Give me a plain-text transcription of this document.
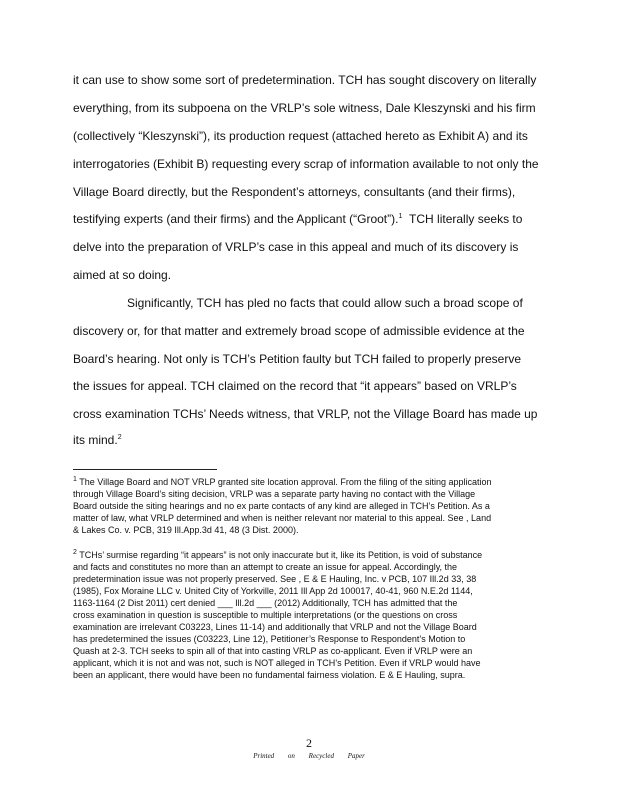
it can use to show some sort of predetermination. TCH has sought discovery on literally
everything, from its subpoena on the VRLP’s sole witness, Dale Kleszynski and his firm
(collectively “Kleszynski”), its production request (attached hereto as Exhibit A) and its
interrogatories (Exhibit B) requesting every scrap of information available to not only the
Village Board directly, but the Respondent’s attorneys, consultants (and their firms),
testifying experts (and their firms) and the Applicant (“Groot”).$^1$ TCH literally seeks to
delve into the preparation of VRLP’s case in this appeal and much of its discovery is
aimed at so doing.
Significantly, TCH has pled no facts that could allow such a broad scope of
discovery or, for that matter and extremely broad scope of admissible evidence at the
Board’s hearing. Not only is TCH’s Petition faulty but TCH failed to properly preserve
the issues for appeal. TCH claimed on the record that “it appears” based on VRLP’s
cross examination TCHs’ Needs witness, that VRLP, not the Village Board has made up
its mind.$^2$
$^1$ The Village Board and NOT VRLP granted site location approval. From the filing of the siting application
through Village Board’s siting decision, VRLP was a separate party having no contact with the Village
Board outside the siting hearings and no ex parte contacts of any kind are alleged in TCH’s Petition. As a
matter of law, what VRLP determined and when is neither relevant nor material to this appeal. See , Land
& Lakes Co. v. PCB, 319 Ill.App.3d 41, 48 (3 Dist. 2000).
$^2$ TCHs’ surmise regarding “it appears” is not only inaccurate but it, like its Petition, is void of substance
and facts and constitutes no more than an attempt to create an issue for appeal. Accordingly, the
predetermination issue was not properly preserved. See , E & E Hauling, Inc. v PCB, 107 Ill.2d 33, 38
(1985), Fox Moraine LLC v. United City of Yorkville, 2011 Ill App 2d 100017, 40-41, 960 N.E.2d 1144,
1163-1164 (2 Dist 2011) cert denied ___ Ill.2d ___ (2012) Additionally, TCH has admitted that the
cross examination in question is susceptible to multiple interpretations (or the questions on cross
examination are irrelevant C03223, Lines 11-14) and additionally that VRLP and not the Village Board
has predetermined the issues (C03223, Line 12), Petitioner’s Response to Respondent’s Motion to
Quash at 2-3. TCH seeks to spin all of that into casting VRLP as co-applicant. Even if VRLP were an
applicant, which it is not and was not, such is NOT alleged in TCH’s Petition. Even if VRLP would have
been an applicant, there would have been no fundamental fairness violation. E & E Hauling, supra.
2
Printed on Recycled Paper
